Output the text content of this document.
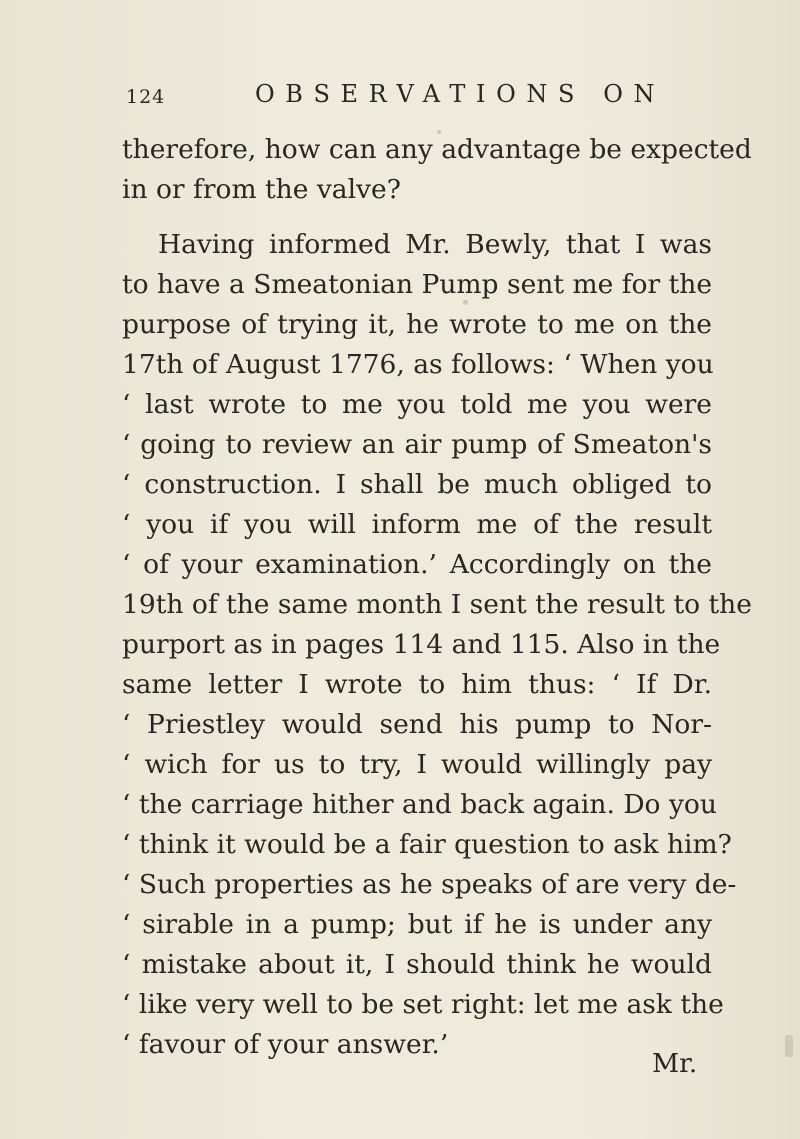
124	OBSERVATIONS ON
therefore, how can any advantage be expected
in or from the valve?
Having informed Mr. Bewly, that I was
to have a Smeatonian Pump sent me for the
purpose of trying it, he wrote to me on the
17th of August 1776, as follows: ‘ When you
‘ last wrote to me you told me you were
‘ going to review an air pump of Smeaton's
‘ construction. I shall be much obliged to
‘ you if you will inform me of the result
‘ of your examination.’ Accordingly on the
19th of the same month I sent the result to the
purport as in pages 114 and 115. Also in the
same letter I wrote to him thus: ‘ If Dr.
‘ Priestley would send his pump to Nor-
‘ wich for us to try, I would willingly pay
‘ the carriage hither and back again. Do you
‘ think it would be a fair question to ask him?
‘ Such properties as he speaks of are very de-
‘ sirable in a pump; but if he is under any
‘ mistake about it, I should think he would
‘ like very well to be set right: let me ask the
‘ favour of your answer.’
Mr.
